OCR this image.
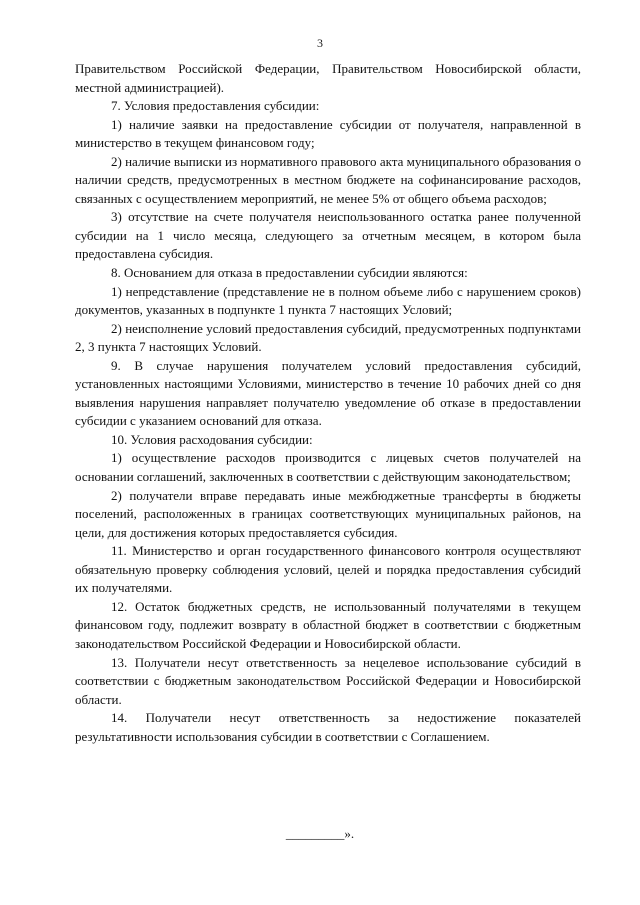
3

Правительством Российской Федерации, Правительством Новосибирской области, местной администрацией).

7. Условия предоставления субсидии:

1) наличие заявки на предоставление субсидии от получателя, направленной в министерство в текущем финансовом году;

2) наличие выписки из нормативного правового акта муниципального образования о наличии средств, предусмотренных в местном бюджете на софинансирование расходов, связанных с осуществлением мероприятий, не менее 5% от общего объема расходов;

3) отсутствие на счете получателя неиспользованного остатка ранее полученной субсидии на 1 число месяца, следующего за отчетным месяцем, в котором была предоставлена субсидия.

8. Основанием для отказа в предоставлении субсидии являются:

1) непредставление (представление не в полном объеме либо с нарушением сроков) документов, указанных в подпункте 1 пункта 7 настоящих Условий;

2) неисполнение условий предоставления субсидий, предусмотренных подпунктами 2, 3 пункта 7 настоящих Условий.

9. В случае нарушения получателем условий предоставления субсидий, установленных настоящими Условиями, министерство в течение 10 рабочих дней со дня выявления нарушения направляет получателю уведомление об отказе в предоставлении субсидии с указанием оснований для отказа.

10. Условия расходования субсидии:

1) осуществление расходов производится с лицевых счетов получателей на основании соглашений, заключенных в соответствии с действующим законодательством;

2) получатели вправе передавать иные межбюджетные трансферты в бюджеты поселений, расположенных в границах соответствующих муниципальных районов, на цели, для достижения которых предоставляется субсидия.

11. Министерство и орган государственного финансового контроля осуществляют обязательную проверку соблюдения условий, целей и порядка предоставления субсидий их получателями.

12. Остаток бюджетных средств, не использованный получателями в текущем финансовом году, подлежит возврату в областной бюджет в соответствии с бюджетным законодательством Российской Федерации и Новосибирской области.

13. Получатели несут ответственность за нецелевое использование субсидий в соответствии с бюджетным законодательством Российской Федерации и Новосибирской области.

14. Получатели несут ответственность за недостижение показателей результативности использования субсидии в соответствии с Соглашением.

_________».
